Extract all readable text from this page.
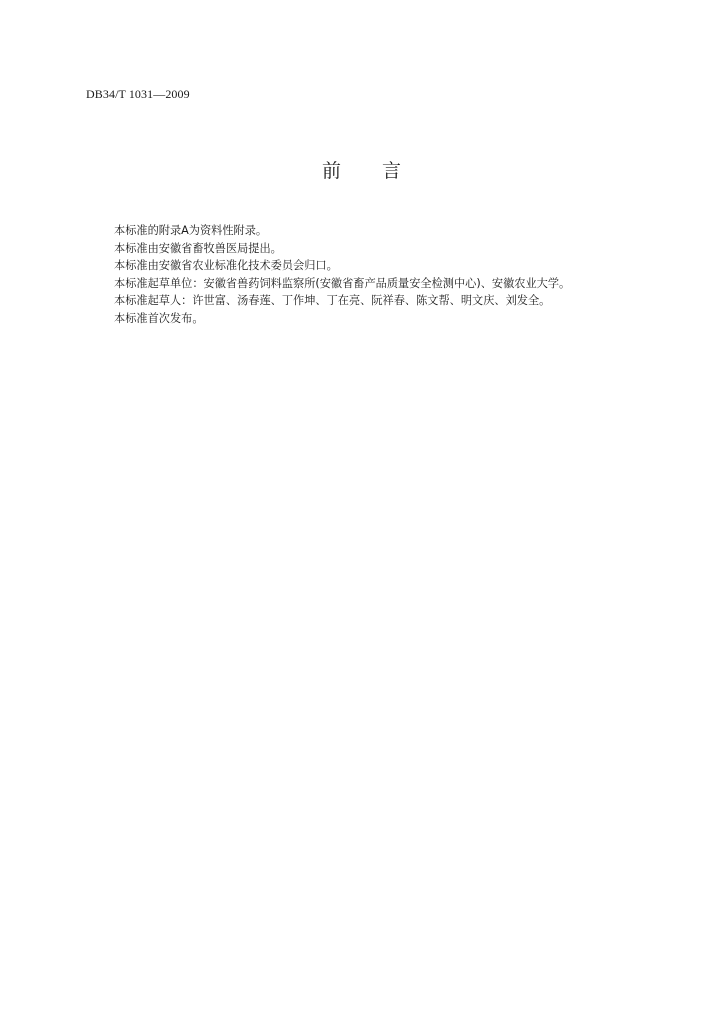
DB34/T 1031—2009
前 言
本标准的附录A为资料性附录。
本标准由安徽省畜牧兽医局提出。
本标准由安徽省农业标准化技术委员会归口。
本标准起草单位：安徽省兽药饲料监察所(安徽省畜产品质量安全检测中心)、安徽农业大学。
本标准起草人：许世富、汤春莲、丁作坤、丁在亮、阮祥春、陈文帮、明文庆、刘发全。
本标准首次发布。
